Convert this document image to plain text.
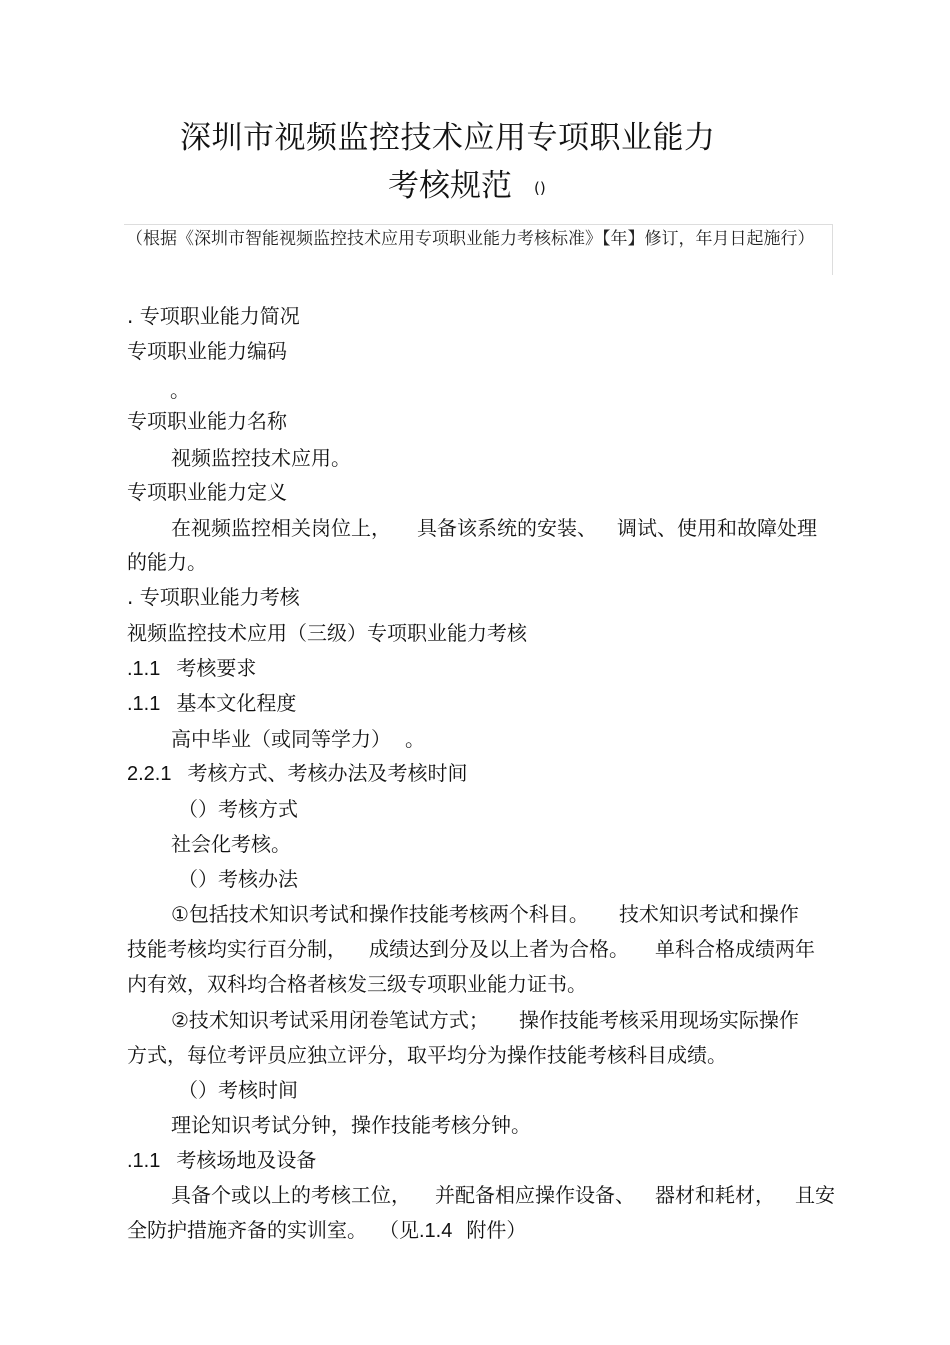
深圳市视频监控技术应用专项职业能力
考核规范 ()
（根据《深圳市智能视频监控技术应用专项职业能力考核标准》【年】修订，年月日起施行）
. 专项职业能力简况
专项职业能力编码
。
专项职业能力名称
视频监控技术应用。
专项职业能力定义
在视频监控相关岗位上， 具备该系统的安装、 调试、使用和故障处理
的能力。
. 专项职业能力考核
视频监控技术应用（三级）专项职业能力考核
.1.1 考核要求
.1.1 基本文化程度
高中毕业（或同等学力） 。
2.2.1 考核方式、考核办法及考核时间
（）考核方式
社会化考核。
（）考核办法
①包括技术知识考试和操作技能考核两个科目。 技术知识考试和操作
技能考核均实行百分制， 成绩达到分及以上者为合格。 单科合格成绩两年
内有效，双科均合格者核发三级专项职业能力证书。
②技术知识考试采用闭卷笔试方式； 操作技能考核采用现场实际操作
方式，每位考评员应独立评分，取平均分为操作技能考核科目成绩。
（）考核时间
理论知识考试分钟，操作技能考核分钟。
.1.1 考核场地及设备
具备个或以上的考核工位， 并配备相应操作设备、 器材和耗材， 且安
全防护措施齐备的实训室。 （见.1.4 附件）
